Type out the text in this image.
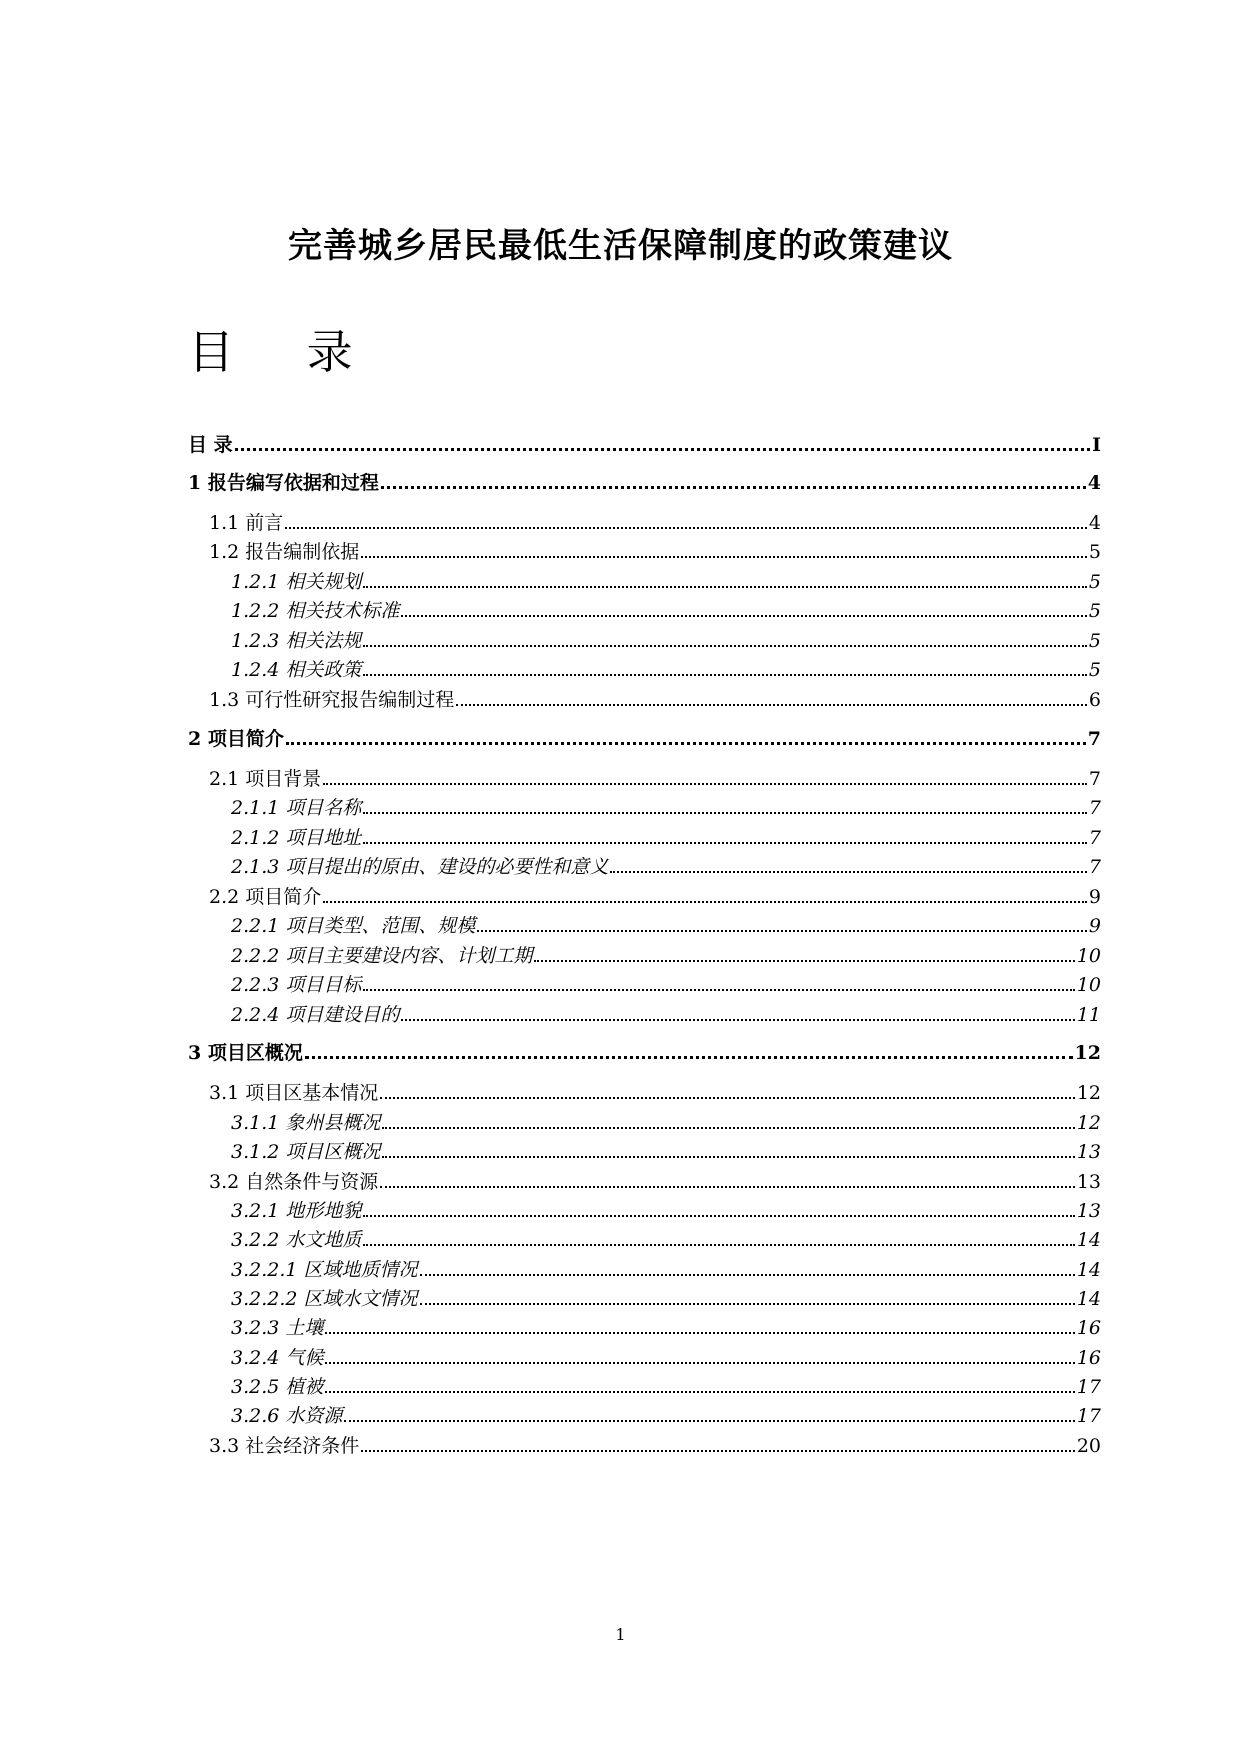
完善城乡居民最低生活保障制度的政策建议
目 录
目 录	I
1 报告编写依据和过程	4
1.1 前言	4
1.2 报告编制依据	5
1.2.1 相关规划	5
1.2.2 相关技术标准	5
1.2.3 相关法规	5
1.2.4 相关政策	5
1.3 可行性研究报告编制过程	6
2 项目简介	7
2.1 项目背景	7
2.1.1 项目名称	7
2.1.2 项目地址	7
2.1.3 项目提出的原由、建设的必要性和意义	7
2.2 项目简介	9
2.2.1 项目类型、范围、规模	9
2.2.2 项目主要建设内容、计划工期	10
2.2.3 项目目标	10
2.2.4 项目建设目的	11
3 项目区概况	12
3.1 项目区基本情况	12
3.1.1 象州县概况	12
3.1.2 项目区概况	13
3.2 自然条件与资源	13
3.2.1 地形地貌	13
3.2.2 水文地质	14
3.2.2.1 区域地质情况	14
3.2.2.2 区域水文情况	14
3.2.3 土壤	16
3.2.4 气候	16
3.2.5 植被	17
3.2.6 水资源	17
3.3 社会经济条件	20
1
